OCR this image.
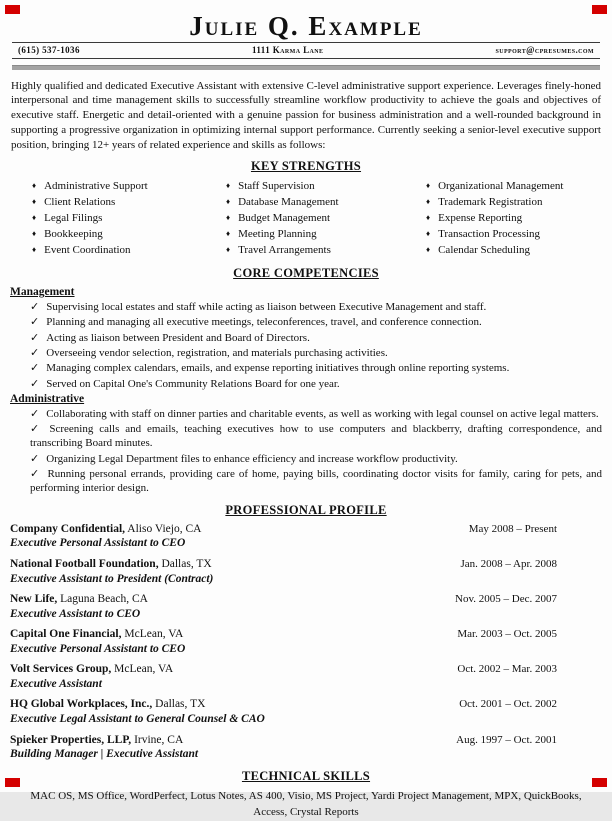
Julie Q. Example
(615) 537-1036	1111 Karma Lane	support@cpresumes.com

Highly qualified and dedicated Executive Assistant with extensive C-level administrative support experience. Leverages finely-honed interpersonal and time management skills to successfully streamline workflow productivity to achieve the goals and objectives of executive staff. Energetic and detail-oriented with a genuine passion for business administration and a well-rounded background in supporting a progressive organization in optimizing internal support performance. Currently seeking a senior-level executive support position, bringing 12+ years of related experience and skills as follows:

KEY STRENGTHS
♦ Administrative Support
♦ Client Relations
♦ Legal Filings
♦ Bookkeeping
♦ Event Coordination
♦ Staff Supervision
♦ Database Management
♦ Budget Management
♦ Meeting Planning
♦ Travel Arrangements
♦ Organizational Management
♦ Trademark Registration
♦ Expense Reporting
♦ Transaction Processing
♦ Calendar Scheduling
CORE COMPETENCIES
Management
✓ Supervising local estates and staff while acting as liaison between Executive Management and staff.
✓ Planning and managing all executive meetings, teleconferences, travel, and conference connection.
✓ Acting as liaison between President and Board of Directors.
✓ Overseeing vendor selection, registration, and materials purchasing activities.
✓ Managing complex calendars, emails, and expense reporting initiatives through online reporting systems.
✓ Served on Capital One's Community Relations Board for one year.
Administrative
✓ Collaborating with staff on dinner parties and charitable events, as well as working with legal counsel on active legal matters.
✓ Screening calls and emails, teaching executives how to use computers and blackberry, drafting correspondence, and transcribing Board minutes.
✓ Organizing Legal Department files to enhance efficiency and increase workflow productivity.
✓ Running personal errands, providing care of home, paying bills, coordinating doctor visits for family, caring for pets, and performing interior design.
PROFESSIONAL PROFILE
Company Confidential, Aliso Viejo, CA	May 2008 – Present
Executive Personal Assistant to CEO
National Football Foundation, Dallas, TX	Jan. 2008 – Apr. 2008
Executive Assistant to President (Contract)
New Life, Laguna Beach, CA	Nov. 2005 – Dec. 2007
Executive Assistant to CEO
Capital One Financial, McLean, VA	Mar. 2003 – Oct. 2005
Executive Personal Assistant to CEO
Volt Services Group, McLean, VA	Oct. 2002 – Mar. 2003
Executive Assistant
HQ Global Workplaces, Inc., Dallas, TX	Oct. 2001 – Oct. 2002
Executive Legal Assistant to General Counsel & CAO
Spieker Properties, LLP, Irvine, CA	Aug. 1997 – Oct. 2001
Building Manager | Executive Assistant
TECHNICAL SKILLS

MAC OS, MS Office, WordPerfect, Lotus Notes, AS 400, Visio, MS Project, Yardi Project Management, MPX, QuickBooks, Access, Crystal Reports
